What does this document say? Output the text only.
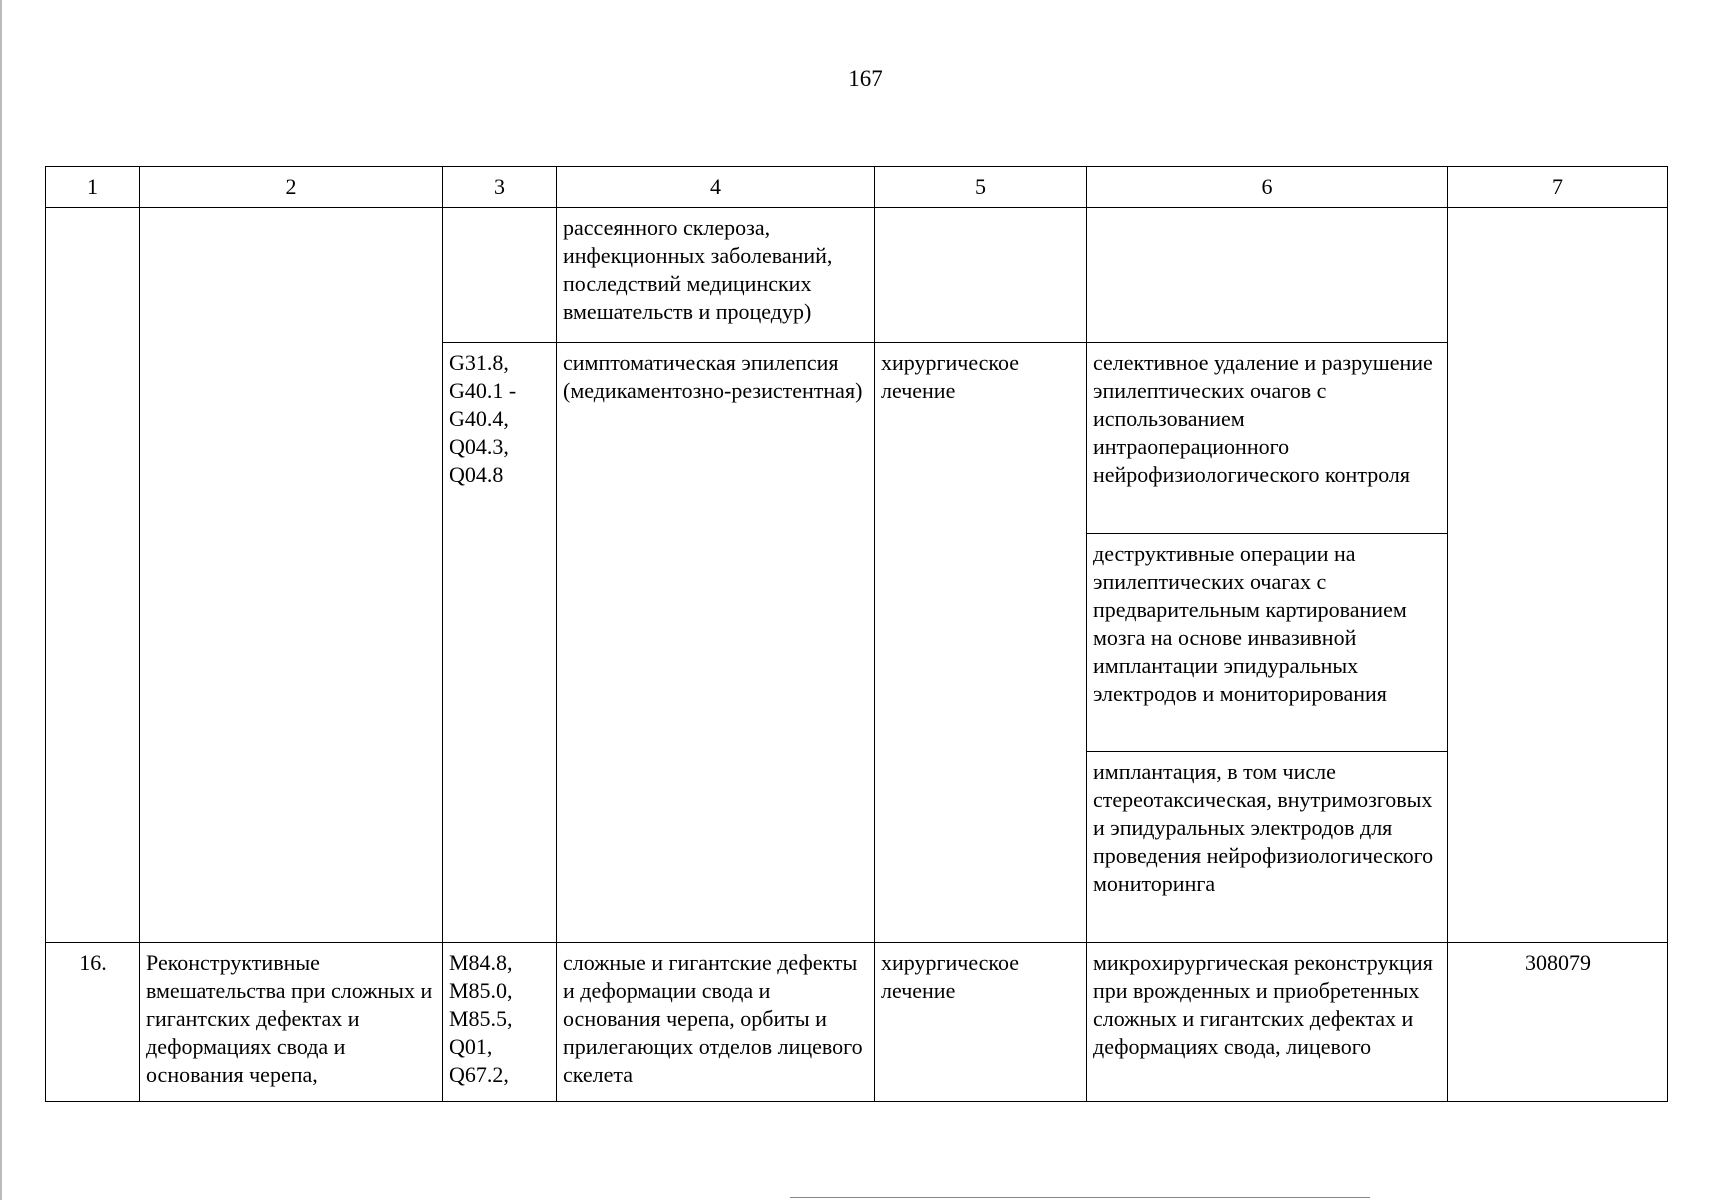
167
1	2	3	4	5	6	7
			рассеянного склероза, инфекционных заболеваний, последствий медицинских вмешательств и процедур)			
		G31.8, G40.1 - G40.4, Q04.3, Q04.8	симптоматическая эпилепсия (медикаментозно-резистентная)	хирургическое лечение	селективное удаление и разрушение эпилептических очагов с использованием интраоперационного нейрофизиологического контроля	
					деструктивные операции на эпилептических очагах с предварительным картированием мозга на основе инвазивной имплантации эпидуральных электродов и мониторирования	
					имплантация, в том числе стереотаксическая, внутримозговых и эпидуральных электродов для проведения нейрофизиологического мониторинга	
16.	Реконструктивные вмешательства при сложных и гигантских дефектах и деформациях свода и основания черепа,	M84.8, M85.0, M85.5, Q01, Q67.2,	сложные и гигантские дефекты и деформации свода и основания черепа, орбиты и прилегающих отделов лицевого скелета	хирургическое лечение	микрохирургическая реконструкция при врожденных и приобретенных сложных и гигантских дефектах и деформациях свода, лицевого	308079
